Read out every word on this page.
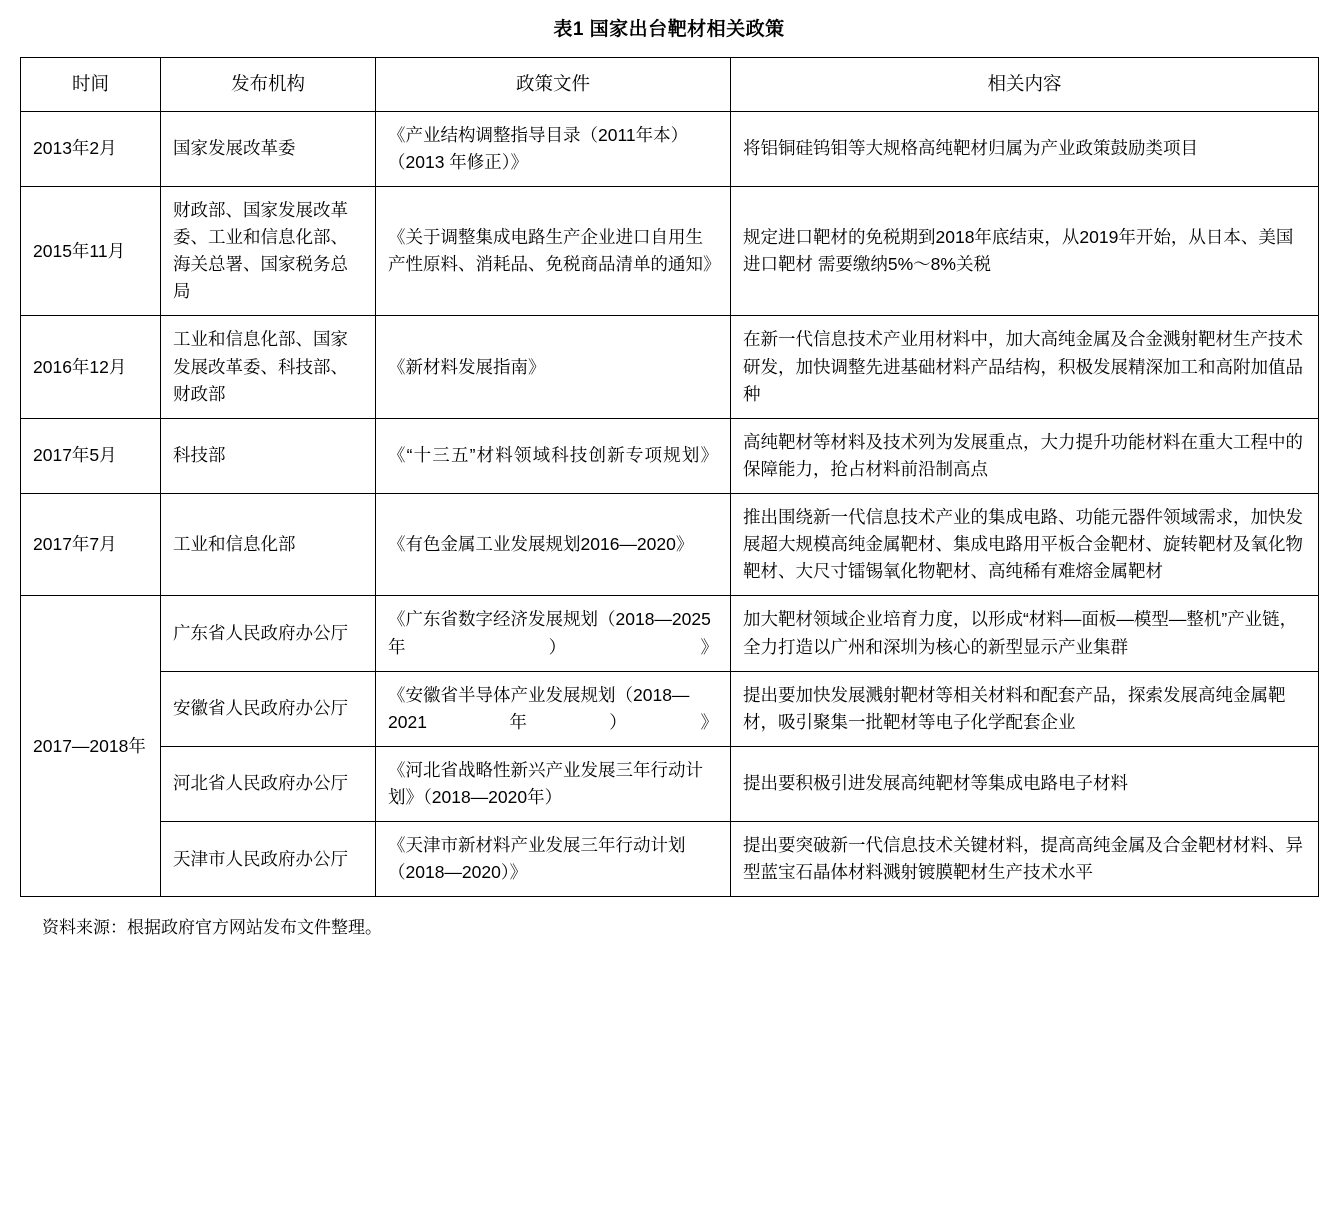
表1 国家出台靶材相关政策
时间	发布机构	政策文件	相关内容
2013年2月	国家发展改革委	《产业结构调整指导目录（2011年本）（2013 年修正）》	将铝铜硅钨钼等大规格高纯靶材归属为产业政策鼓励类项目
2015年11月	财政部、国家发展改革委、工业和信息化部、海关总署、国家税务总局	《关于调整集成电路生产企业进口自用生产性原料、消耗品、免税商品清单的通知》	规定进口靶材的免税期到2018年底结束，从2019年开始，从日本、美国进口靶材 需要缴纳5%～8%关税
2016年12月	工业和信息化部、国家发展改革委、科技部、财政部	《新材料发展指南》	在新一代信息技术产业用材料中，加大高纯金属及合金溅射靶材生产技术研发，加快调整先进基础材料产品结构，积极发展精深加工和高附加值品种
2017年5月	科技部	《“十三五”材料领域科技创新专项规划》	高纯靶材等材料及技术列为发展重点，大力提升功能材料在重大工程中的保障能力，抢占材料前沿制高点
2017年7月	工业和信息化部	《有色金属工业发展规划2016—2020》	推出围绕新一代信息技术产业的集成电路、功能元器件领域需求，加快发展超大规模高纯金属靶材、集成电路用平板合金靶材、旋转靶材及氧化物靶材、大尺寸镭锡氧化物靶材、高纯稀有难熔金属靶材
2017—2018年	广东省人民政府办公厅	《广东省数字经济发展规划（2018—2025年）》	加大靶材领域企业培育力度，以形成“材料—面板—模型—整机”产业链，全力打造以广州和深圳为核心的新型显示产业集群
	安徽省人民政府办公厅	《安徽省半导体产业发展规划（2018—2021年）》	提出要加快发展溅射靶材等相关材料和配套产品，探索发展高纯金属靶材，吸引聚集一批靶材等电子化学配套企业
	河北省人民政府办公厅	《河北省战略性新兴产业发展三年行动计划》（2018—2020年）	提出要积极引进发展高纯靶材等集成电路电子材料
	天津市人民政府办公厅	《天津市新材料产业发展三年行动计划（2018—2020）》	提出要突破新一代信息技术关键材料，提高高纯金属及合金靶材材料、异型蓝宝石晶体材料溅射镀膜靶材生产技术水平
资料来源：根据政府官方网站发布文件整理。
